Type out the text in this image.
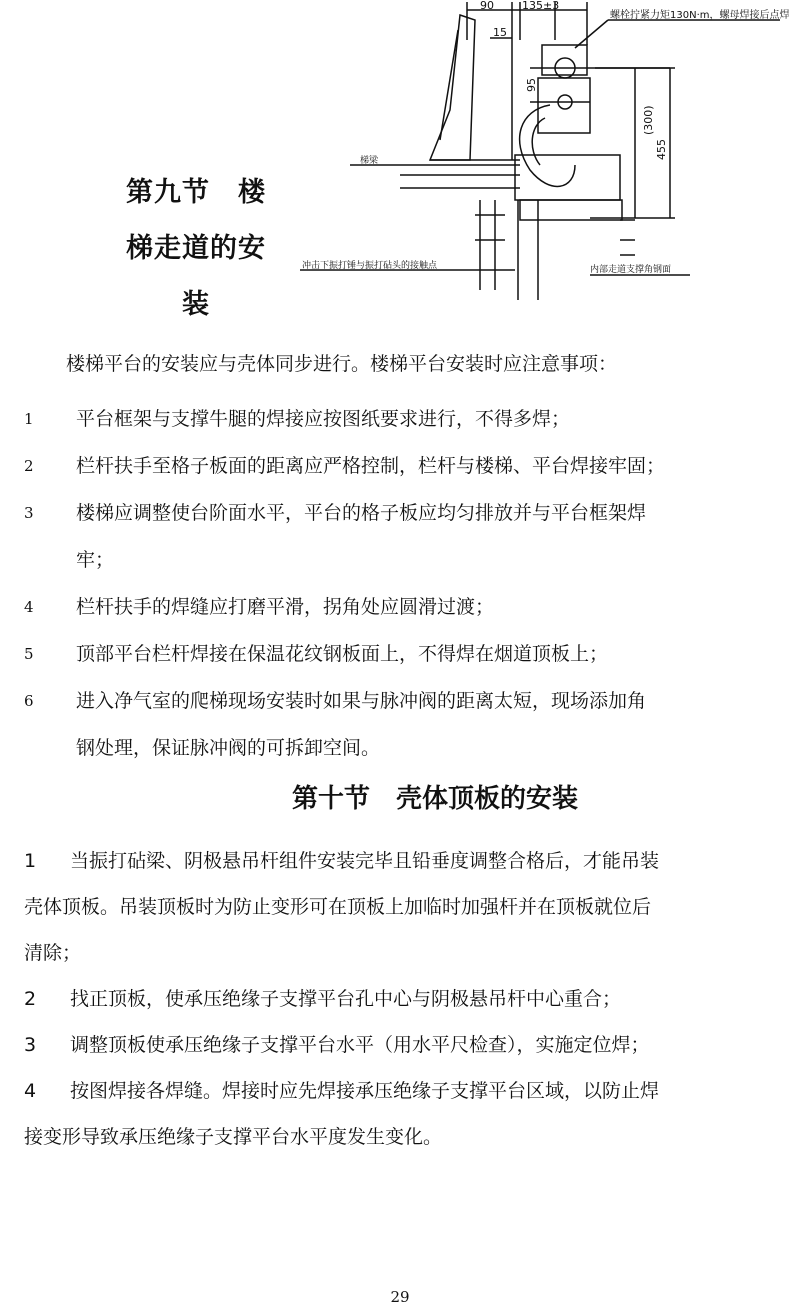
90	135±3
15
95
(300)
455
螺栓拧紧力矩130N·m，螺母焊接后点焊
梯梁
冲击下振打锤与振打砧头的接触点	内部走道支撑角钢面
第九节　楼
梯走道的安
装
楼梯平台的安装应与壳体同步进行。楼梯平台安装时应注意事项：
1 平台框架与支撑牛腿的焊接应按图纸要求进行，不得多焊；
2 栏杆扶手至格子板面的距离应严格控制，栏杆与楼梯、平台焊接牢固；
3 楼梯应调整使台阶面水平，平台的格子板应均匀排放并与平台框架焊
牢；
4 栏杆扶手的焊缝应打磨平滑，拐角处应圆滑过渡；
5 顶部平台栏杆焊接在保温花纹钢板面上，不得焊在烟道顶板上；
6 进入净气室的爬梯现场安装时如果与脉冲阀的距离太短，现场添加角
钢处理，保证脉冲阀的可拆卸空间。
第十节　壳体顶板的安装
1 当振打砧梁、阴极悬吊杆组件安装完毕且铅垂度调整合格后，才能吊装
壳体顶板。吊装顶板时为防止变形可在顶板上加临时加强杆并在顶板就位后
清除；
2 找正顶板，使承压绝缘子支撑平台孔中心与阴极悬吊杆中心重合；
3 调整顶板使承压绝缘子支撑平台水平（用水平尺检查），实施定位焊；
4 按图焊接各焊缝。焊接时应先焊接承压绝缘子支撑平台区域，以防止焊
接变形导致承压绝缘子支撑平台水平度发生变化。
29
